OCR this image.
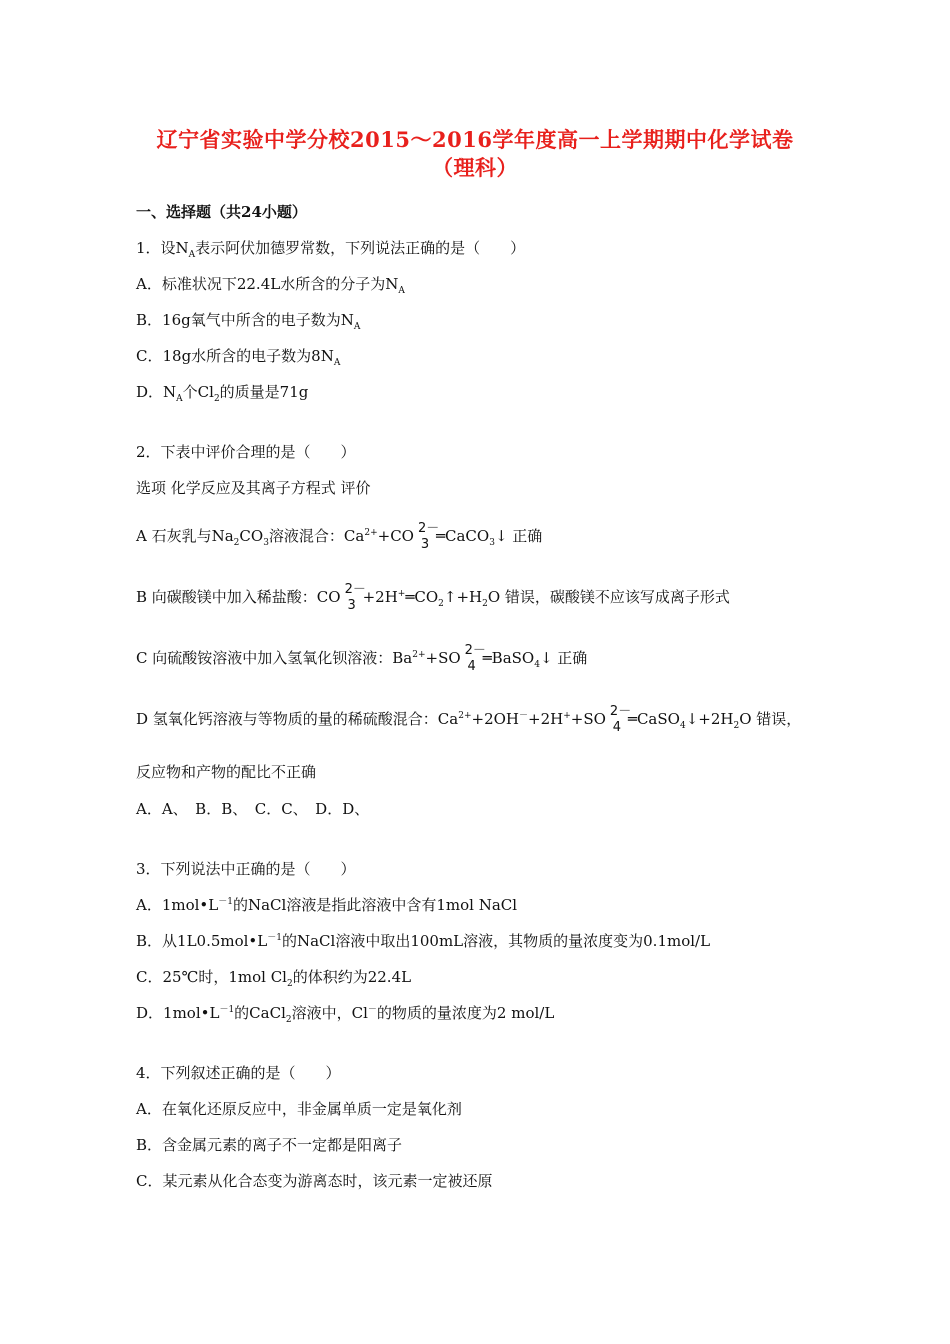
辽宁省实验中学分校2015～2016学年度高一上学期期中化学试卷
（理科）
一、选择题（共24小题）
1．设$N_A$表示阿伏加德罗常数，下列说法正确的是（　　）
A．标准状况下22.4L水所含的分子为$N_A$
B．16g氧气中所含的电子数为$N_A$
C．18g水所含的电子数为$8N_A$
D．$N_A$个$Cl_2$的质量是71g
2．下表中评价合理的是（　　）
选项 化学反应及其离子方程式 评价
A 石灰乳与$Na_2CO_3$溶液混合：$Ca^{2+}+CO$ 2－
3 ═CaCO$_3$↓ 正确
B 向碳酸镁中加入稀盐酸：CO 2－
$3 +2H^+═CO_2↑+H_2O$ 错误，碳酸镁不应该写成离子形式
C 向硫酸铵溶液中加入氢氧化钡溶液：$Ba^{2+}+SO$ 2－
4 ═BaSO$_4$↓ 正确
D 氢氧化钙溶液与等物质的量的稀硫酸混合：$Ca^{2+}+2OH^-+2H^++SO$ 2－
4 $═CaSO_4↓+2H_2O$ 错误，
反应物和产物的配比不正确
A．A、　B．B、　C．C、　D．D、
3．下列说法中正确的是（　　）
A．$1mol•L^{-1}$的NaCl溶液是指此溶液中含有1mol NaCl
B．从$1L0.5mol•L^{-1}$的NaCl溶液中取出100mL溶液，其物质的量浓度变为0.1mol/L
C．25℃时，1mol $Cl_2$的体积约为22.4L
D．$1mol•L^{-1}$的CaCl$_2$溶液中，Cl－的物质的量浓度为2 mol/L
4．下列叙述正确的是（　　）
A．在氧化还原反应中，非金属单质一定是氧化剂
B．含金属元素的离子不一定都是阳离子
C．某元素从化合态变为游离态时，该元素一定被还原
